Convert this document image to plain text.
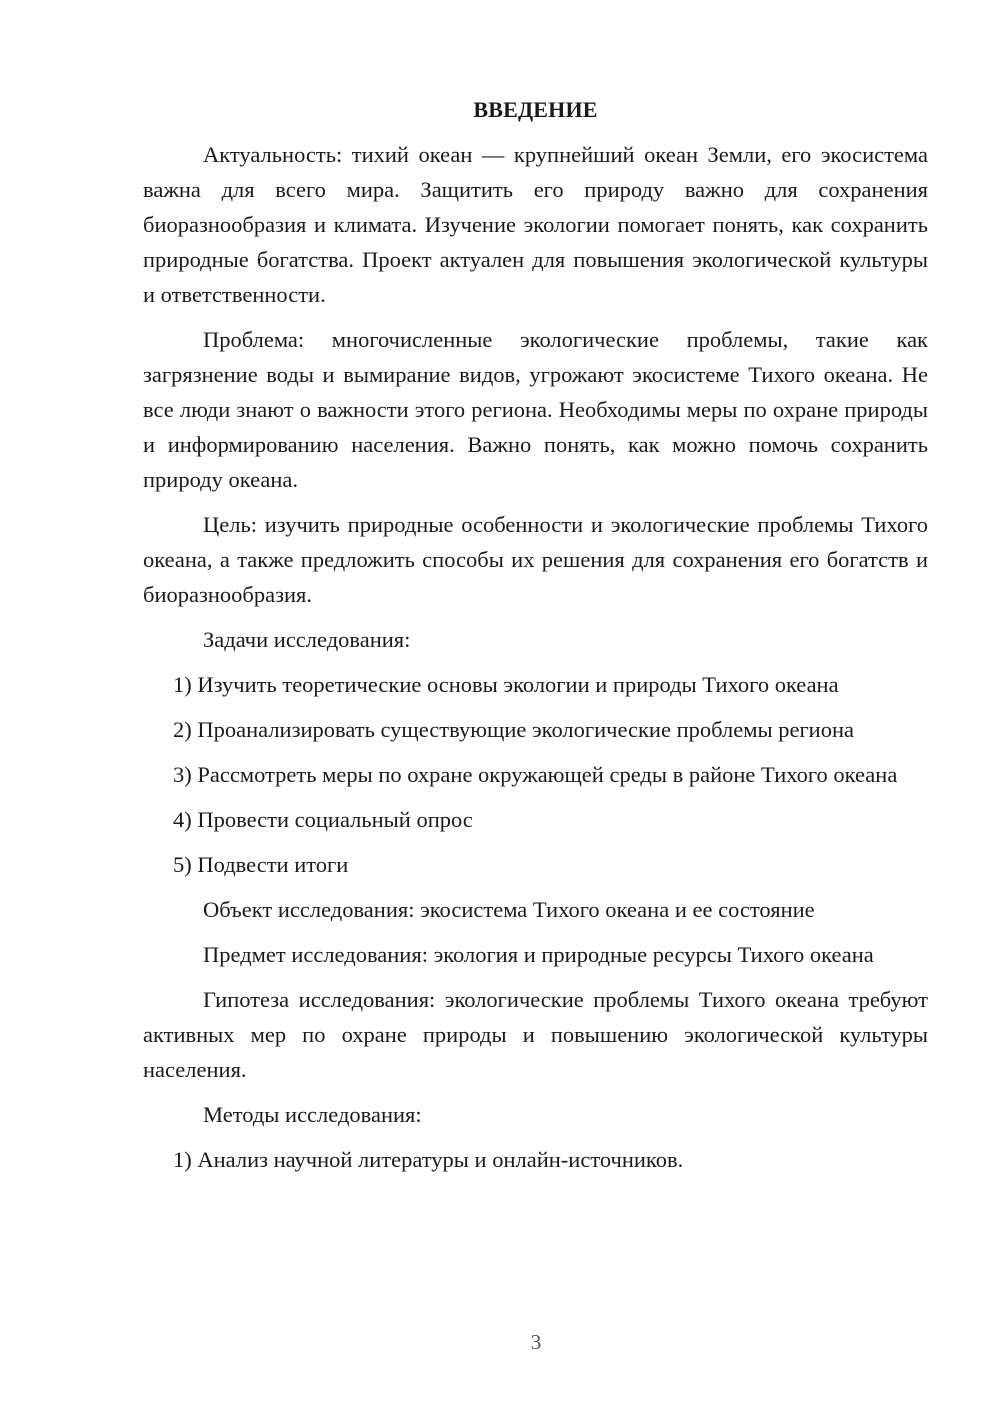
ВВЕДЕНИЕ

Актуальность: тихий океан — крупнейший океан Земли, его экосистема важна для всего мира. Защитить его природу важно для сохранения биоразнообразия и климата. Изучение экологии помогает понять, как сохранить природные богатства. Проект актуален для повышения экологической культуры и ответственности.

Проблема: многочисленные экологические проблемы, такие как загрязнение воды и вымирание видов, угрожают экосистеме Тихого океана. Не все люди знают о важности этого региона. Необходимы меры по охране природы и информированию населения. Важно понять, как можно помочь сохранить природу океана.

Цель: изучить природные особенности и экологические проблемы Тихого океана, а также предложить способы их решения для сохранения его богатств и биоразнообразия.

Задачи исследования:

1) Изучить теоретические основы экологии и природы Тихого океана

2) Проанализировать существующие экологические проблемы региона

3) Рассмотреть меры по охране окружающей среды в районе Тихого океана

4) Провести социальный опрос

5) Подвести итоги

Объект исследования: экосистема Тихого океана и ее состояние

Предмет исследования: экология и природные ресурсы Тихого океана

Гипотеза исследования: экологические проблемы Тихого океана требуют активных мер по охране природы и повышению экологической культуры населения.

Методы исследования:

1) Анализ научной литературы и онлайн-источников.

3
